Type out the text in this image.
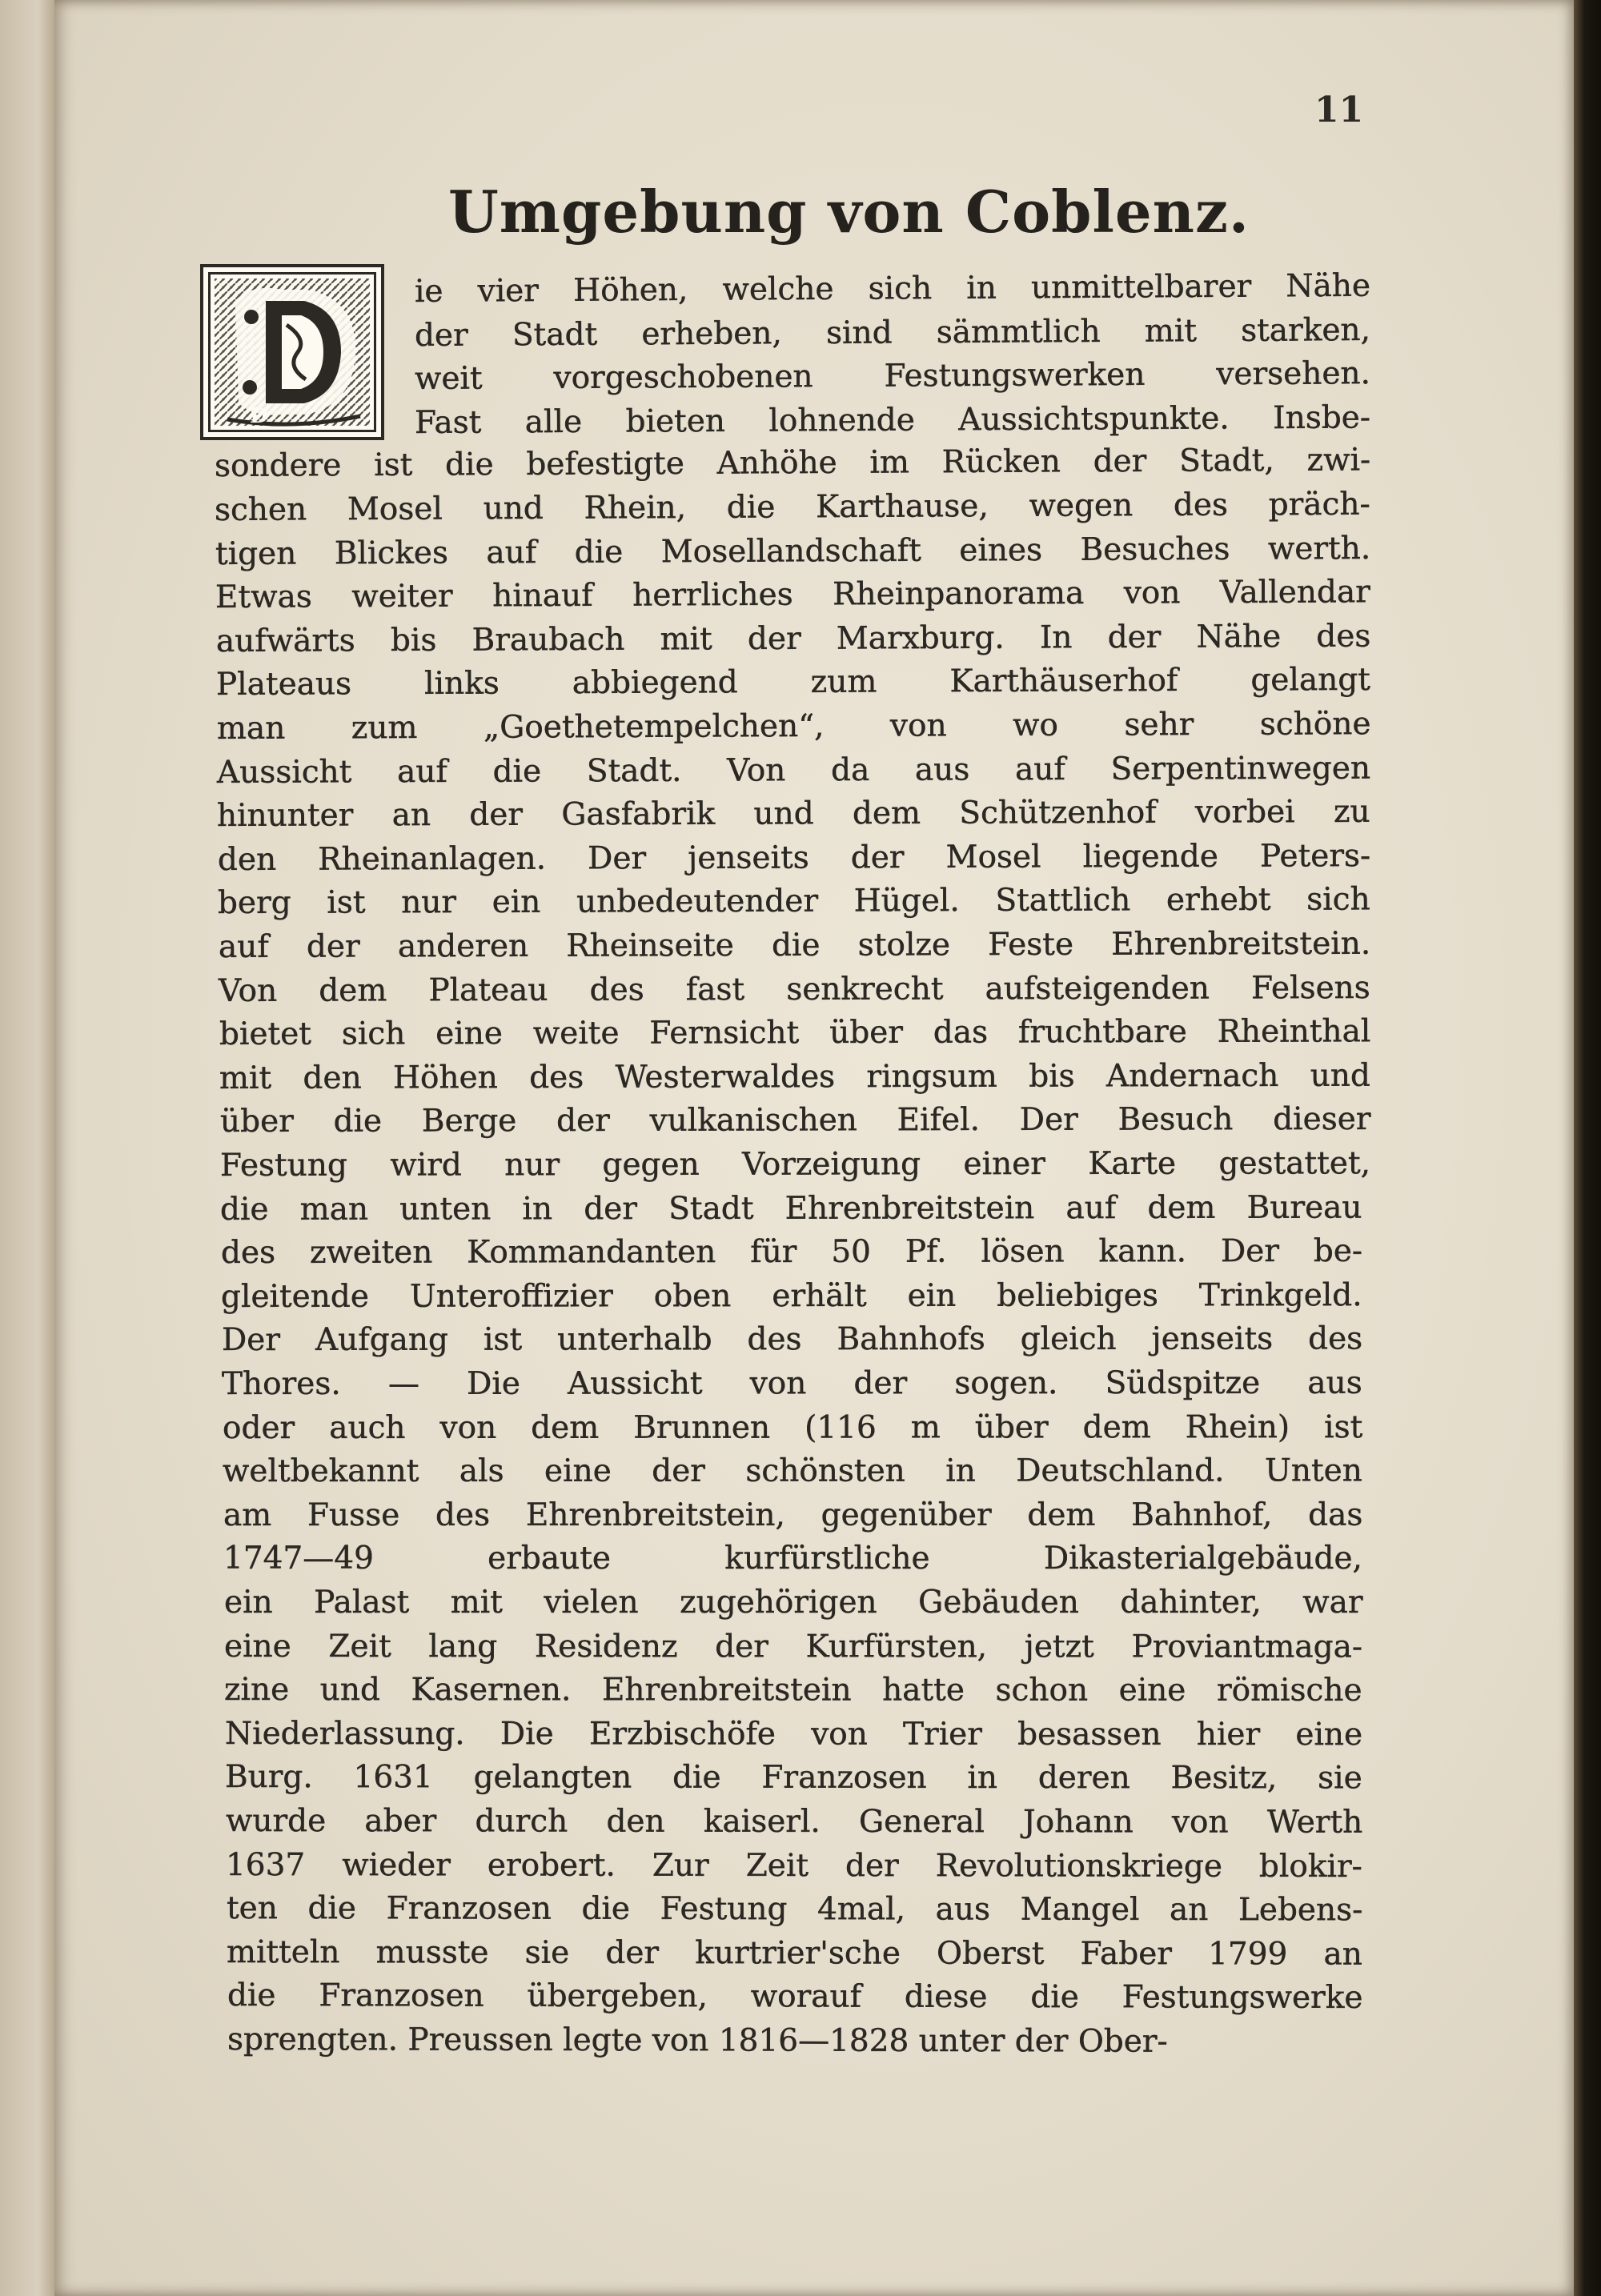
11
Umgebung von Coblenz.
D
ie vier Höhen, welche sich in unmittelbarer Nähe
der Stadt erheben, sind sämmtlich mit starken,
weit vorgeschobenen Festungswerken versehen.
Fast alle bieten lohnende Aussichtspunkte. Insbe-
sondere ist die befestigte Anhöhe im Rücken der Stadt, zwi-
schen Mosel und Rhein, die Karthause, wegen des präch-
tigen Blickes auf die Mosellandschaft eines Besuches werth.
Etwas weiter hinauf herrliches Rheinpanorama von Vallendar
aufwärts bis Braubach mit der Marxburg. In der Nähe des
Plateaus links abbiegend zum Karthäuserhof gelangt
man zum „Goethetempelchen“, von wo sehr schöne
Aussicht auf die Stadt. Von da aus auf Serpentinwegen
hinunter an der Gasfabrik und dem Schützenhof vorbei zu
den Rheinanlagen. Der jenseits der Mosel liegende Peters-
berg ist nur ein unbedeutender Hügel. Stattlich erhebt sich
auf der anderen Rheinseite die stolze Feste Ehrenbreitstein.
Von dem Plateau des fast senkrecht aufsteigenden Felsens
bietet sich eine weite Fernsicht über das fruchtbare Rheinthal
mit den Höhen des Westerwaldes ringsum bis Andernach und
über die Berge der vulkanischen Eifel. Der Besuch dieser
Festung wird nur gegen Vorzeigung einer Karte gestattet,
die man unten in der Stadt Ehrenbreitstein auf dem Bureau
des zweiten Kommandanten für 50 Pf. lösen kann. Der be-
gleitende Unteroffizier oben erhält ein beliebiges Trinkgeld.
Der Aufgang ist unterhalb des Bahnhofs gleich jenseits des
Thores. — Die Aussicht von der sogen. Südspitze aus
oder auch von dem Brunnen (116 m über dem Rhein) ist
weltbekannt als eine der schönsten in Deutschland. Unten
am Fusse des Ehrenbreitstein, gegenüber dem Bahnhof, das
1747—49 erbaute kurfürstliche Dikasterialgebäude,
ein Palast mit vielen zugehörigen Gebäuden dahinter, war
eine Zeit lang Residenz der Kurfürsten, jetzt Proviantmaga-
zine und Kasernen. Ehrenbreitstein hatte schon eine römische
Niederlassung. Die Erzbischöfe von Trier besassen hier eine
Burg. 1631 gelangten die Franzosen in deren Besitz, sie
wurde aber durch den kaiserl. General Johann von Werth
1637 wieder erobert. Zur Zeit der Revolutionskriege blokir-
ten die Franzosen die Festung 4mal, aus Mangel an Lebens-
mitteln musste sie der kurtrier'sche Oberst Faber 1799 an
die Franzosen übergeben, worauf diese die Festungswerke
sprengten. Preussen legte von 1816—1828 unter der Ober-
